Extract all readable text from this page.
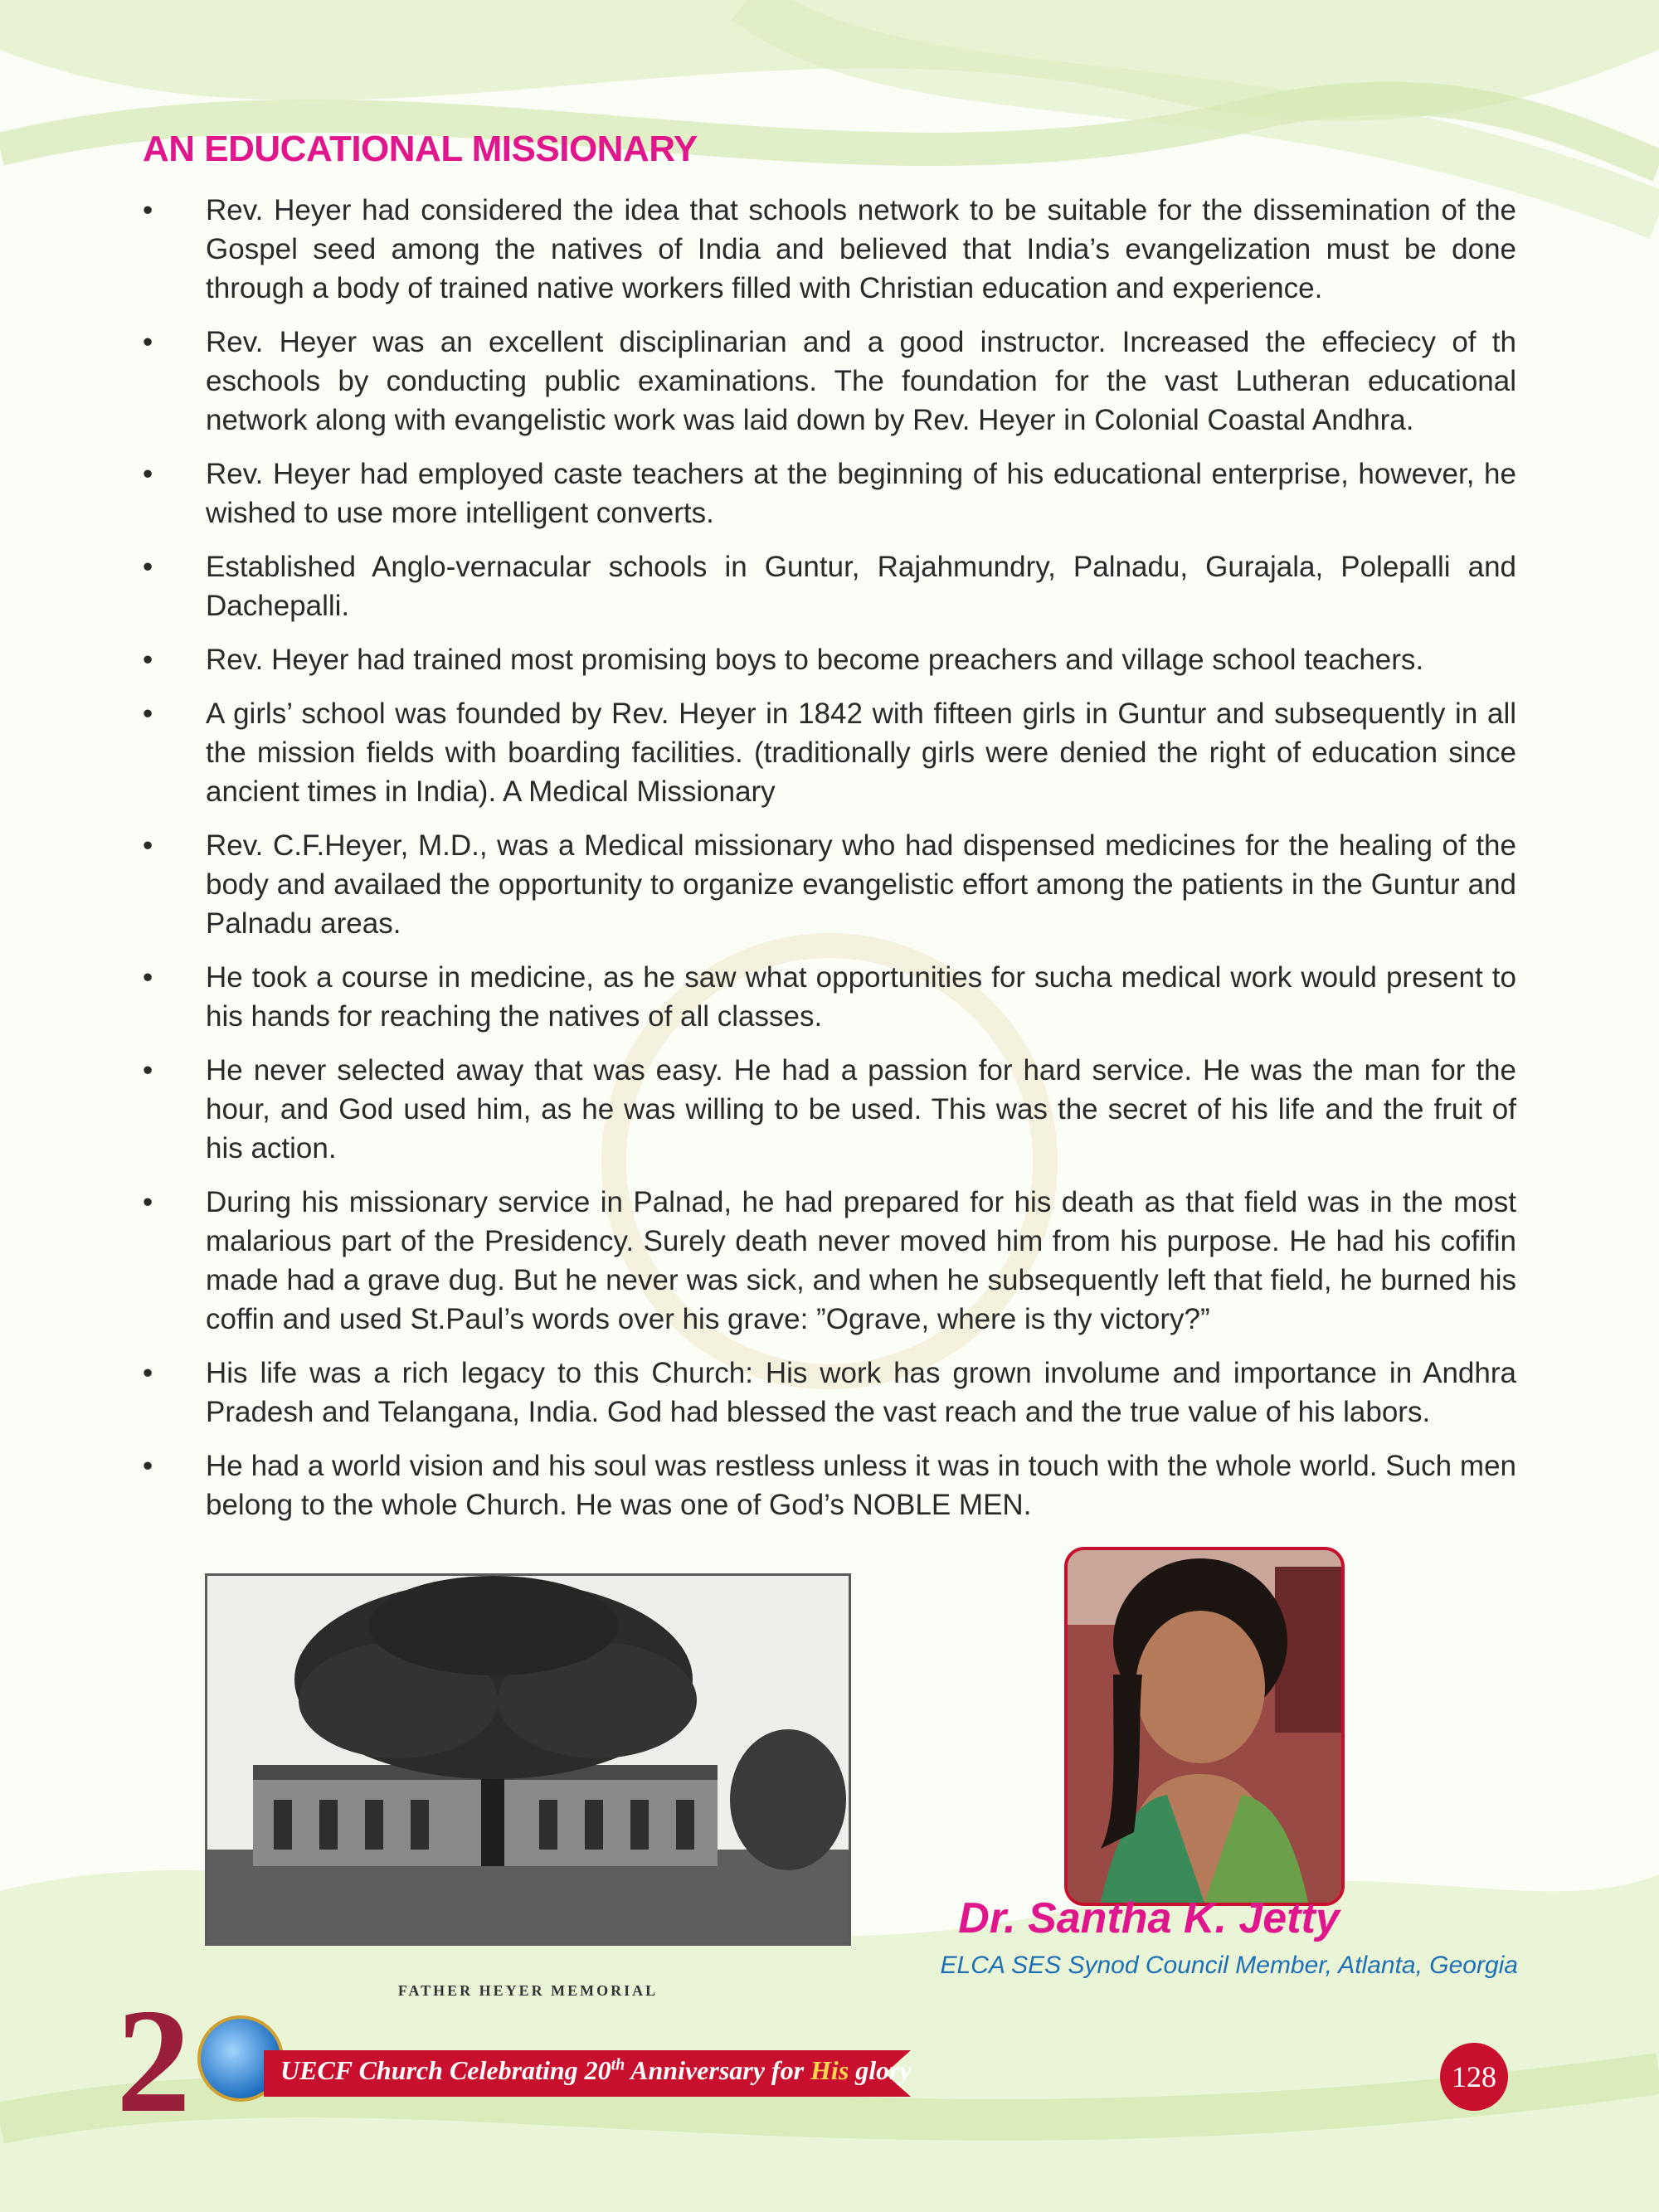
AN EDUCATIONAL MISSIONARY
• Rev. Heyer had considered the idea that schools network to be suitable for the dissemination of the Gospel seed among the natives of India and believed that India’s evangelization must be done through a body of trained native workers filled with Christian education and experience.
• Rev. Heyer was an excellent disciplinarian and a good instructor. Increased the effeciecy of th eschools by conducting public examinations. The foundation for the vast Lutheran educational network along with evangelistic work was laid down by Rev. Heyer in Colonial Coastal Andhra.
• Rev. Heyer had employed caste teachers at the beginning of his educational enterprise, however, he wished to use more intelligent converts.
• Established Anglo-vernacular schools in Guntur, Rajahmundry, Palnadu, Gurajala, Polepalli and Dachepalli.
• Rev. Heyer had trained most promising boys to become preachers and village school teachers.
• A girls’ school was founded by Rev. Heyer in 1842 with fifteen girls in Guntur and subsequently in all the mission fields with boarding facilities. (traditionally girls were denied the right of education since ancient times in India). A Medical Missionary
• Rev. C.F.Heyer, M.D., was a Medical missionary who had dispensed medicines for the healing of the body and availaed the opportunity to organize evangelistic effort among the patients in the Guntur and Palnadu areas.
• He took a course in medicine, as he saw what opportunities for sucha medical work would present to his hands for reaching the natives of all classes.
• He never selected away that was easy. He had a passion for hard service. He was the man for the hour, and God used him, as he was willing to be used. This was the secret of his life and the fruit of his action.
• During his missionary service in Palnad, he had prepared for his death as that field was in the most malarious part of the Presidency. Surely death never moved him from his purpose. He had his cofifin made had a grave dug. But he never was sick, and when he subsequently left that field, he burned his coffin and used St.Paul’s words over his grave: ”Ograve, where is thy victory?”
• His life was a rich legacy to this Church: His work has grown involume and importance in Andhra Pradesh and Telangana, India. God had blessed the vast reach and the true value of his labors.
• He had a world vision and his soul was restless unless it was in touch with the whole world. Such men belong to the whole Church. He was one of God’s NOBLE MEN.
FATHER HEYER MEMORIAL
Dr. Santha K. Jetty
ELCA SES Synod Council Member, Atlanta, Georgia
2	UECF Church Celebrating 20th Anniversary for His glory	128
